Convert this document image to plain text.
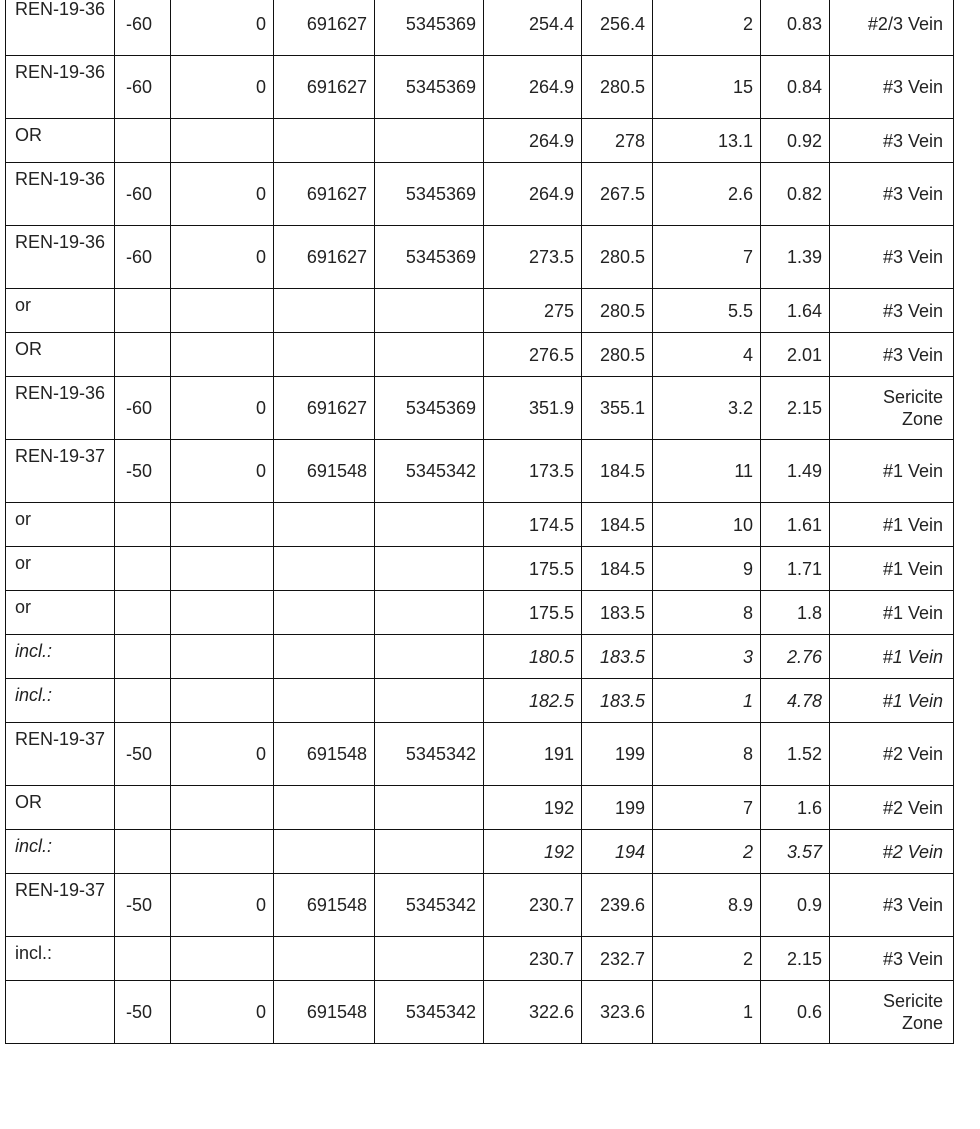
REN-19-36	-60	0	691627	5345369	254.4	256.4	2	0.83	#2/3 Vein
REN-19-36	-60	0	691627	5345369	264.9	280.5	15	0.84	#3 Vein
OR					264.9	278	13.1	0.92	#3 Vein
REN-19-36	-60	0	691627	5345369	264.9	267.5	2.6	0.82	#3 Vein
REN-19-36	-60	0	691627	5345369	273.5	280.5	7	1.39	#3 Vein
or					275	280.5	5.5	1.64	#3 Vein
OR					276.5	280.5	4	2.01	#3 Vein
REN-19-36	-60	0	691627	5345369	351.9	355.1	3.2	2.15	Sericite Zone
REN-19-37	-50	0	691548	5345342	173.5	184.5	11	1.49	#1 Vein
or					174.5	184.5	10	1.61	#1 Vein
or					175.5	184.5	9	1.71	#1 Vein
or					175.5	183.5	8	1.8	#1 Vein
incl.:					180.5	183.5	3	2.76	#1 Vein
incl.:					182.5	183.5	1	4.78	#1 Vein
REN-19-37	-50	0	691548	5345342	191	199	8	1.52	#2 Vein
OR					192	199	7	1.6	#2 Vein
incl.:					192	194	2	3.57	#2 Vein
REN-19-37	-50	0	691548	5345342	230.7	239.6	8.9	0.9	#3 Vein
incl.:					230.7	232.7	2	2.15	#3 Vein
	-50	0	691548	5345342	322.6	323.6	1	0.6	Sericite Zone
